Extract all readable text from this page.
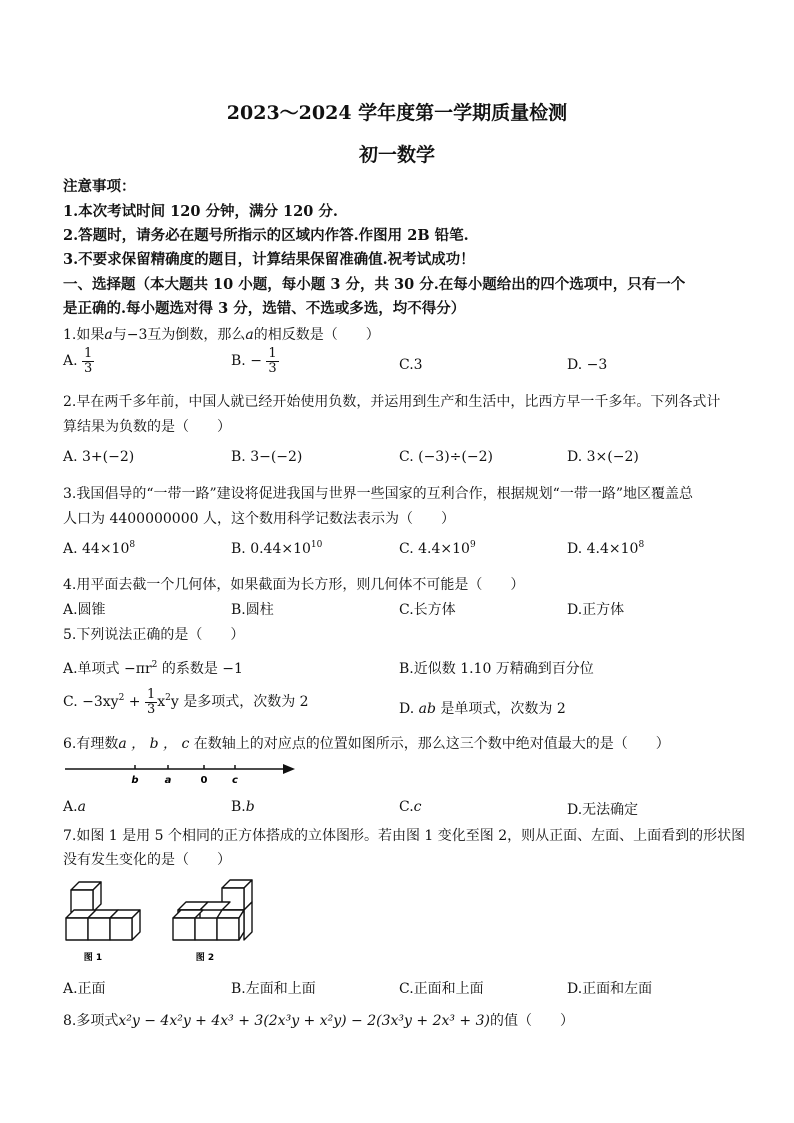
2023～2024 学年度第一学期质量检测
初一数学
注意事项：
1.本次考试时间 120 分钟，满分 120 分.
2.答题时，请务必在题号所指示的区域内作答.作图用 2B 铅笔.
3.不要求保留精确度的题目，计算结果保留准确值.祝考试成功！
一、选择题（本大题共 10 小题，每小题 3 分，共 30 分.在每小题给出的四个选项中，只有一个
是正确的.每小题选对得 3 分，选错、不选或多选，均不得分）
1.如果a与−3互为倒数，那么a的相反数是（　　）
A. $\frac{1}{3}$	B. − $\frac{1}{3}$	C.3	D. −3
2.早在两千多年前，中国人就已经开始使用负数，并运用到生产和生活中，比西方早一千多年。下列各式计
算结果为负数的是（　　）
A. 3+(−2)	B. 3−(−2)	C. (−3)÷(−2)	D. 3×(−2)
3.我国倡导的“一带一路”建设将促进我国与世界一些国家的互利合作，根据规划“一带一路”地区覆盖总
人口为 4400000000 人，这个数用科学记数法表示为（　　）
A. $44\times 10^8$	B. $0.44\times 10^{10}$	C. $4.4\times 10^9$	D. $4.4\times 10^8$
4.用平面去截一个几何体，如果截面为长方形，则几何体不可能是（　　）
A.圆锥	B.圆柱	C.长方体	D.正方体
5.下列说法正确的是（　　）
A.单项式 $-\pi r^2$ 的系数是 −1	B.近似数 1.10 万精确到百分位
C. $-3xy^2 + \frac{1}{3} x^2y$ 是多项式，次数为 2	D. ab 是单项式，次数为 2
6.有理数a ， b ， c 在数轴上的对应点的位置如图所示，那么这三个数中绝对值最大的是（　　）
b	a	0 c
A.a	B.b	C.c	D.无法确定
7.如图 1 是用 5 个相同的正方体搭成的立体图形。若由图 1 变化至图 2，则从正面、左面、上面看到的形状图
没有发生变化的是（　　）
图 1	图 2
A.正面	B.左面和上面	C.正面和上面	D.正面和左面
8.多项式x²y − 4x²y + 4x³ + 3(2x³y + x²y) − 2(3x³y + 2x³ + 3)的值（　　）
